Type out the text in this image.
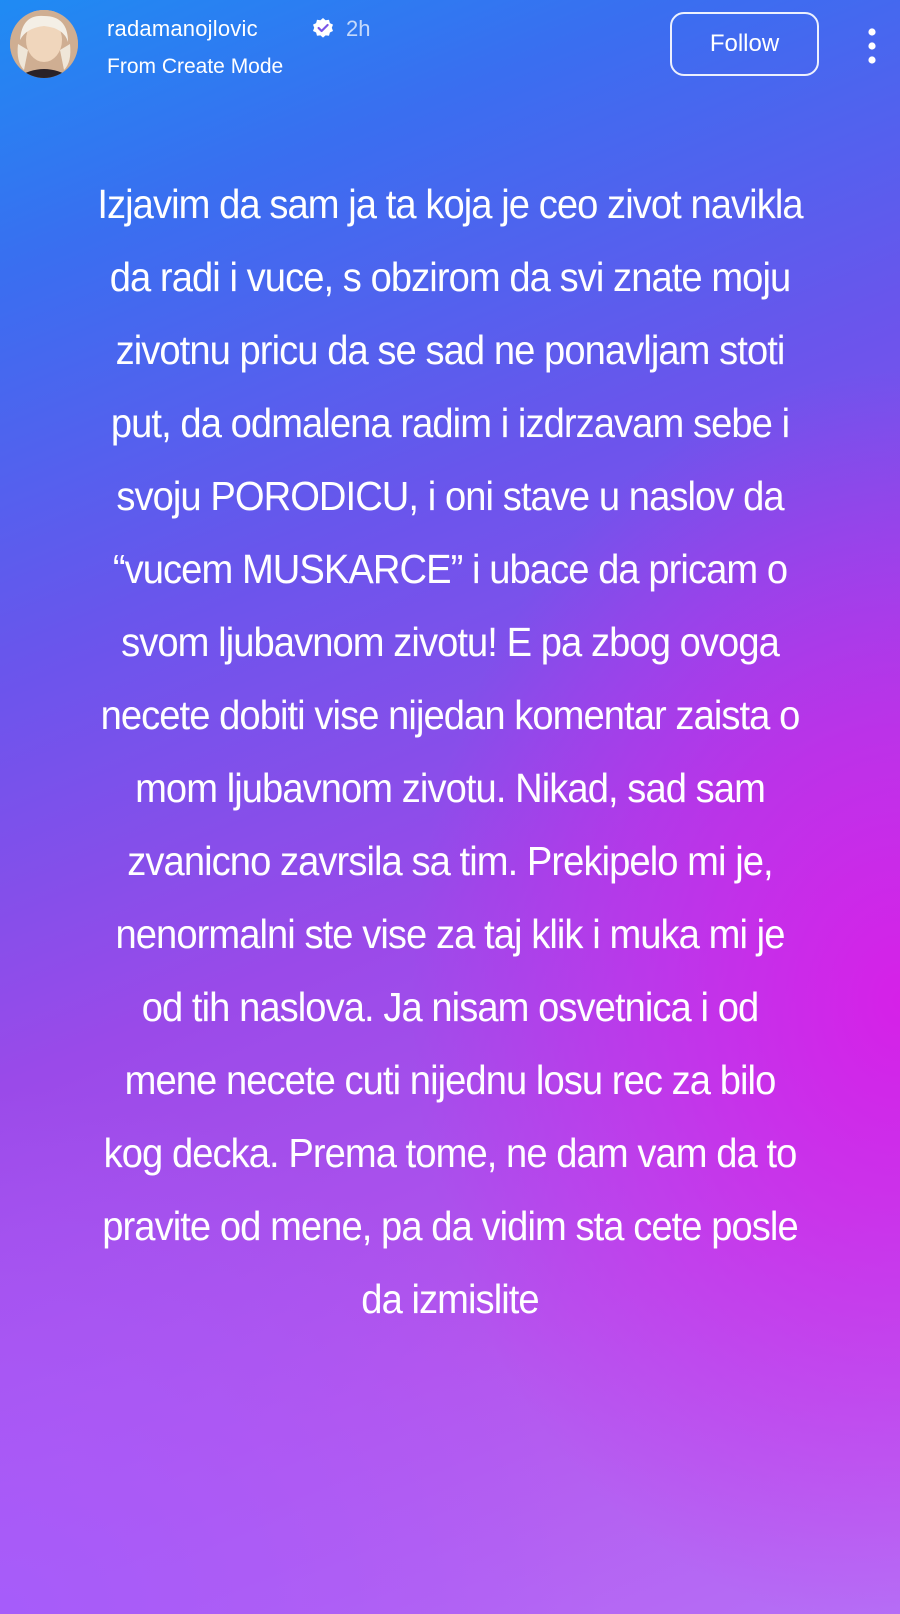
radamanojlovic	2h
From Create Mode
Follow

Izjavim da sam ja ta koja je ceo zivot navikla da radi i vuce, s obzirom da svi znate moju zivotnu pricu da se sad ne ponavljam stoti put, da odmalena radim i izdrzavam sebe i svoju PORODICU, i oni stave u naslov da “vucem MUSKARCE” i ubace da pricam o svom ljubavnom zivotu! E pa zbog ovoga necete dobiti vise nijedan komentar zaista o mom ljubavnom zivotu. Nikad, sad sam zvanicno zavrsila sa tim. Prekipelo mi je, nenormalni ste vise za taj klik i muka mi je od tih naslova. Ja nisam osvetnica i od mene necete cuti nijednu losu rec za bilo kog decka. Prema tome, ne dam vam da to pravite od mene, pa da vidim sta cete posle da izmislite
